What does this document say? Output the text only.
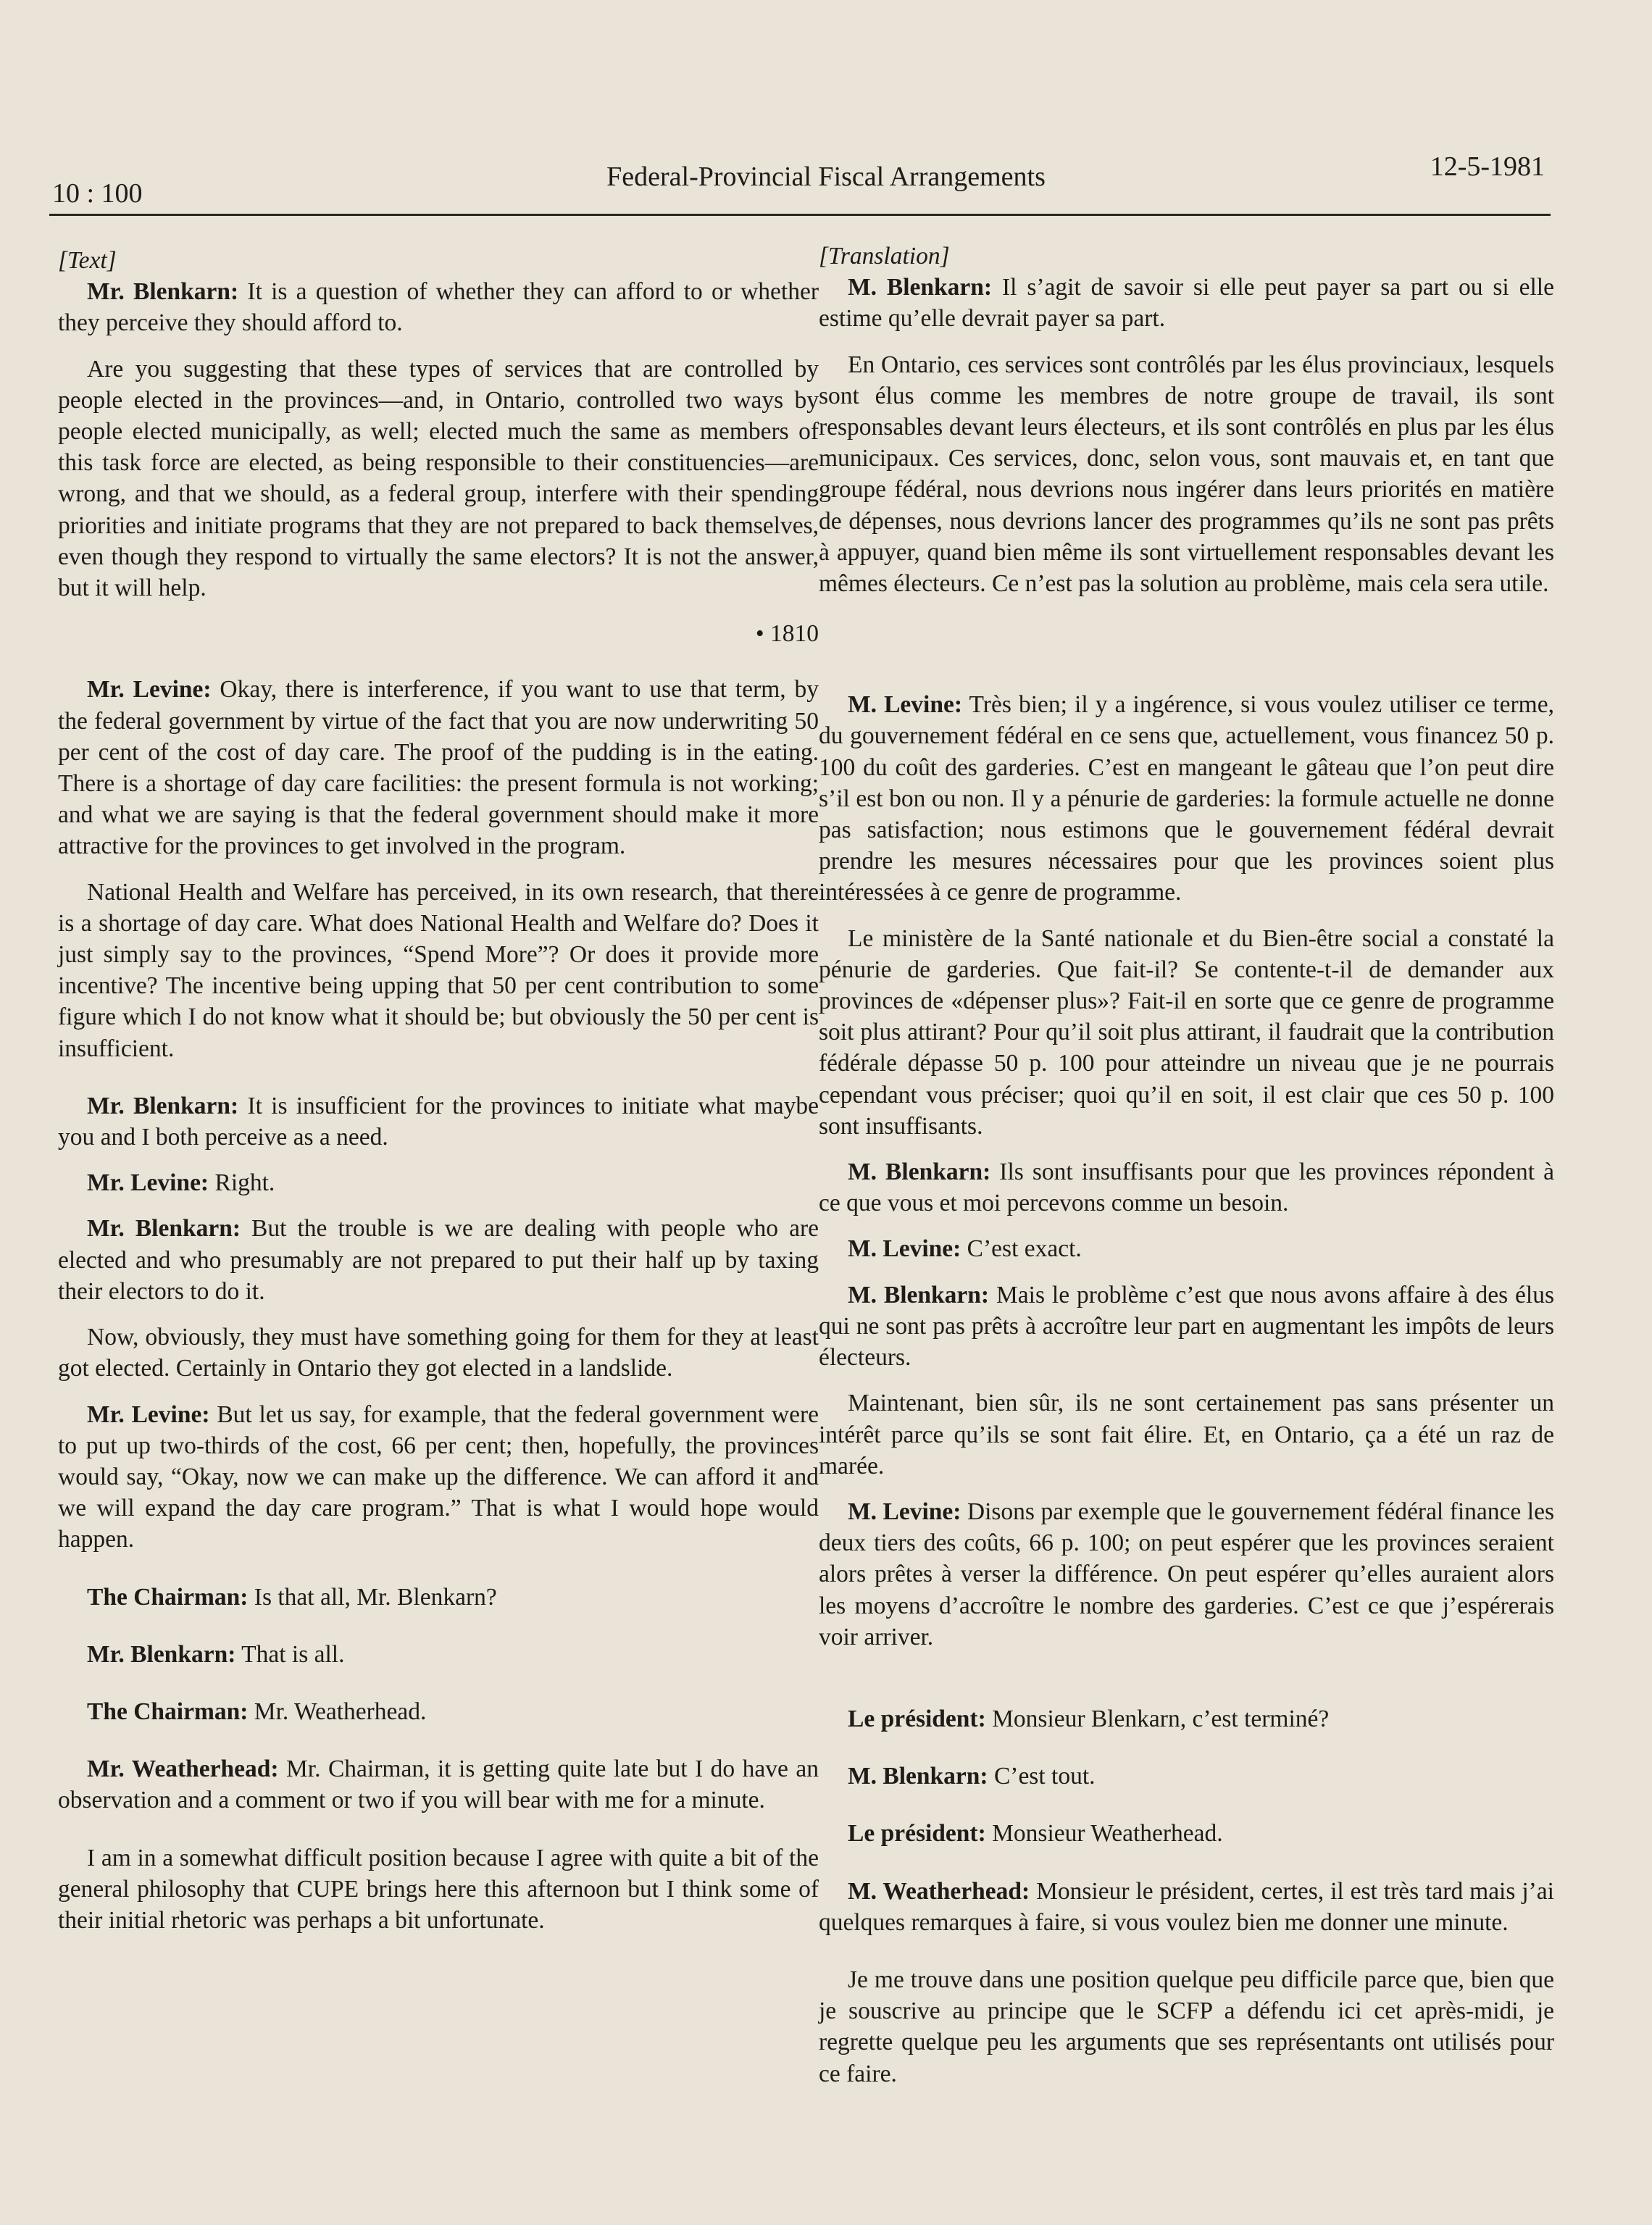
10 : 100
Federal-Provincial Fiscal Arrangements	12-5-1981
[Text]

Mr. Blenkarn: It is a question of whether they can afford to or whether they perceive they should afford to.

Are you suggesting that these types of services that are controlled by people elected in the provinces—and, in Ontario, controlled two ways by people elected municipally, as well; elected much the same as members of this task force are elected, as being responsible to their constituencies—are wrong, and that we should, as a federal group, interfere with their spending priorities and initiate programs that they are not prepared to back themselves, even though they respond to virtually the same electors? It is not the answer, but it will help.

• 1810

Mr. Levine: Okay, there is interference, if you want to use that term, by the federal government by virtue of the fact that you are now underwriting 50 per cent of the cost of day care. The proof of the pudding is in the eating. There is a shortage of day care facilities: the present formula is not working; and what we are saying is that the federal government should make it more attractive for the provinces to get involved in the program.

National Health and Welfare has perceived, in its own research, that there is a shortage of day care. What does National Health and Welfare do? Does it just simply say to the provinces, “Spend More”? Or does it provide more incentive? The incentive being upping that 50 per cent contribution to some figure which I do not know what it should be; but obviously the 50 per cent is insufficient.

Mr. Blenkarn: It is insufficient for the provinces to initiate what maybe you and I both perceive as a need.

Mr. Levine: Right.

Mr. Blenkarn: But the trouble is we are dealing with people who are elected and who presumably are not prepared to put their half up by taxing their electors to do it.

Now, obviously, they must have something going for them for they at least got elected. Certainly in Ontario they got elected in a landslide.

Mr. Levine: But let us say, for example, that the federal government were to put up two-thirds of the cost, 66 per cent; then, hopefully, the provinces would say, “Okay, now we can make up the difference. We can afford it and we will expand the day care program.” That is what I would hope would happen.

The Chairman: Is that all, Mr. Blenkarn?

Mr. Blenkarn: That is all.

The Chairman: Mr. Weatherhead.

Mr. Weatherhead: Mr. Chairman, it is getting quite late but I do have an observation and a comment or two if you will bear with me for a minute.

I am in a somewhat difficult position because I agree with quite a bit of the general philosophy that CUPE brings here this afternoon but I think some of their initial rhetoric was perhaps a bit unfortunate.

[Translation]

M. Blenkarn: Il s’agit de savoir si elle peut payer sa part ou si elle estime qu’elle devrait payer sa part.

En Ontario, ces services sont contrôlés par les élus provinciaux, lesquels sont élus comme les membres de notre groupe de travail, ils sont responsables devant leurs électeurs, et ils sont contrôlés en plus par les élus municipaux. Ces services, donc, selon vous, sont mauvais et, en tant que groupe fédéral, nous devrions nous ingérer dans leurs priorités en matière de dépenses, nous devrions lancer des programmes qu’ils ne sont pas prêts à appuyer, quand bien même ils sont virtuellement responsables devant les mêmes électeurs. Ce n’est pas la solution au problème, mais cela sera utile.

M. Levine: Très bien; il y a ingérence, si vous voulez utiliser ce terme, du gouvernement fédéral en ce sens que, actuellement, vous financez 50 p. 100 du coût des garderies. C’est en mangeant le gâteau que l’on peut dire s’il est bon ou non. Il y a pénurie de garderies: la formule actuelle ne donne pas satisfaction; nous estimons que le gouvernement fédéral devrait prendre les mesures nécessaires pour que les provinces soient plus intéressées à ce genre de programme.

Le ministère de la Santé nationale et du Bien-être social a constaté la pénurie de garderies. Que fait-il? Se contente-t-il de demander aux provinces de «dépenser plus»? Fait-il en sorte que ce genre de programme soit plus attirant? Pour qu’il soit plus attirant, il faudrait que la contribution fédérale dépasse 50 p. 100 pour atteindre un niveau que je ne pourrais cependant vous préciser; quoi qu’il en soit, il est clair que ces 50 p. 100 sont insuffisants.

M. Blenkarn: Ils sont insuffisants pour que les provinces répondent à ce que vous et moi percevons comme un besoin.

M. Levine: C’est exact.

M. Blenkarn: Mais le problème c’est que nous avons affaire à des élus qui ne sont pas prêts à accroître leur part en augmentant les impôts de leurs électeurs.

Maintenant, bien sûr, ils ne sont certainement pas sans présenter un intérêt parce qu’ils se sont fait élire. Et, en Ontario, ça a été un raz de marée.

M. Levine: Disons par exemple que le gouvernement fédéral finance les deux tiers des coûts, 66 p. 100; on peut espérer que les provinces seraient alors prêtes à verser la différence. On peut espérer qu’elles auraient alors les moyens d’accroître le nombre des garderies. C’est ce que j’espérerais voir arriver.

Le président: Monsieur Blenkarn, c’est terminé?

M. Blenkarn: C’est tout.

Le président: Monsieur Weatherhead.

M. Weatherhead: Monsieur le président, certes, il est très tard mais j’ai quelques remarques à faire, si vous voulez bien me donner une minute.

Je me trouve dans une position quelque peu difficile parce que, bien que je souscrive au principe que le SCFP a défendu ici cet après-midi, je regrette quelque peu les arguments que ses représentants ont utilisés pour ce faire.
